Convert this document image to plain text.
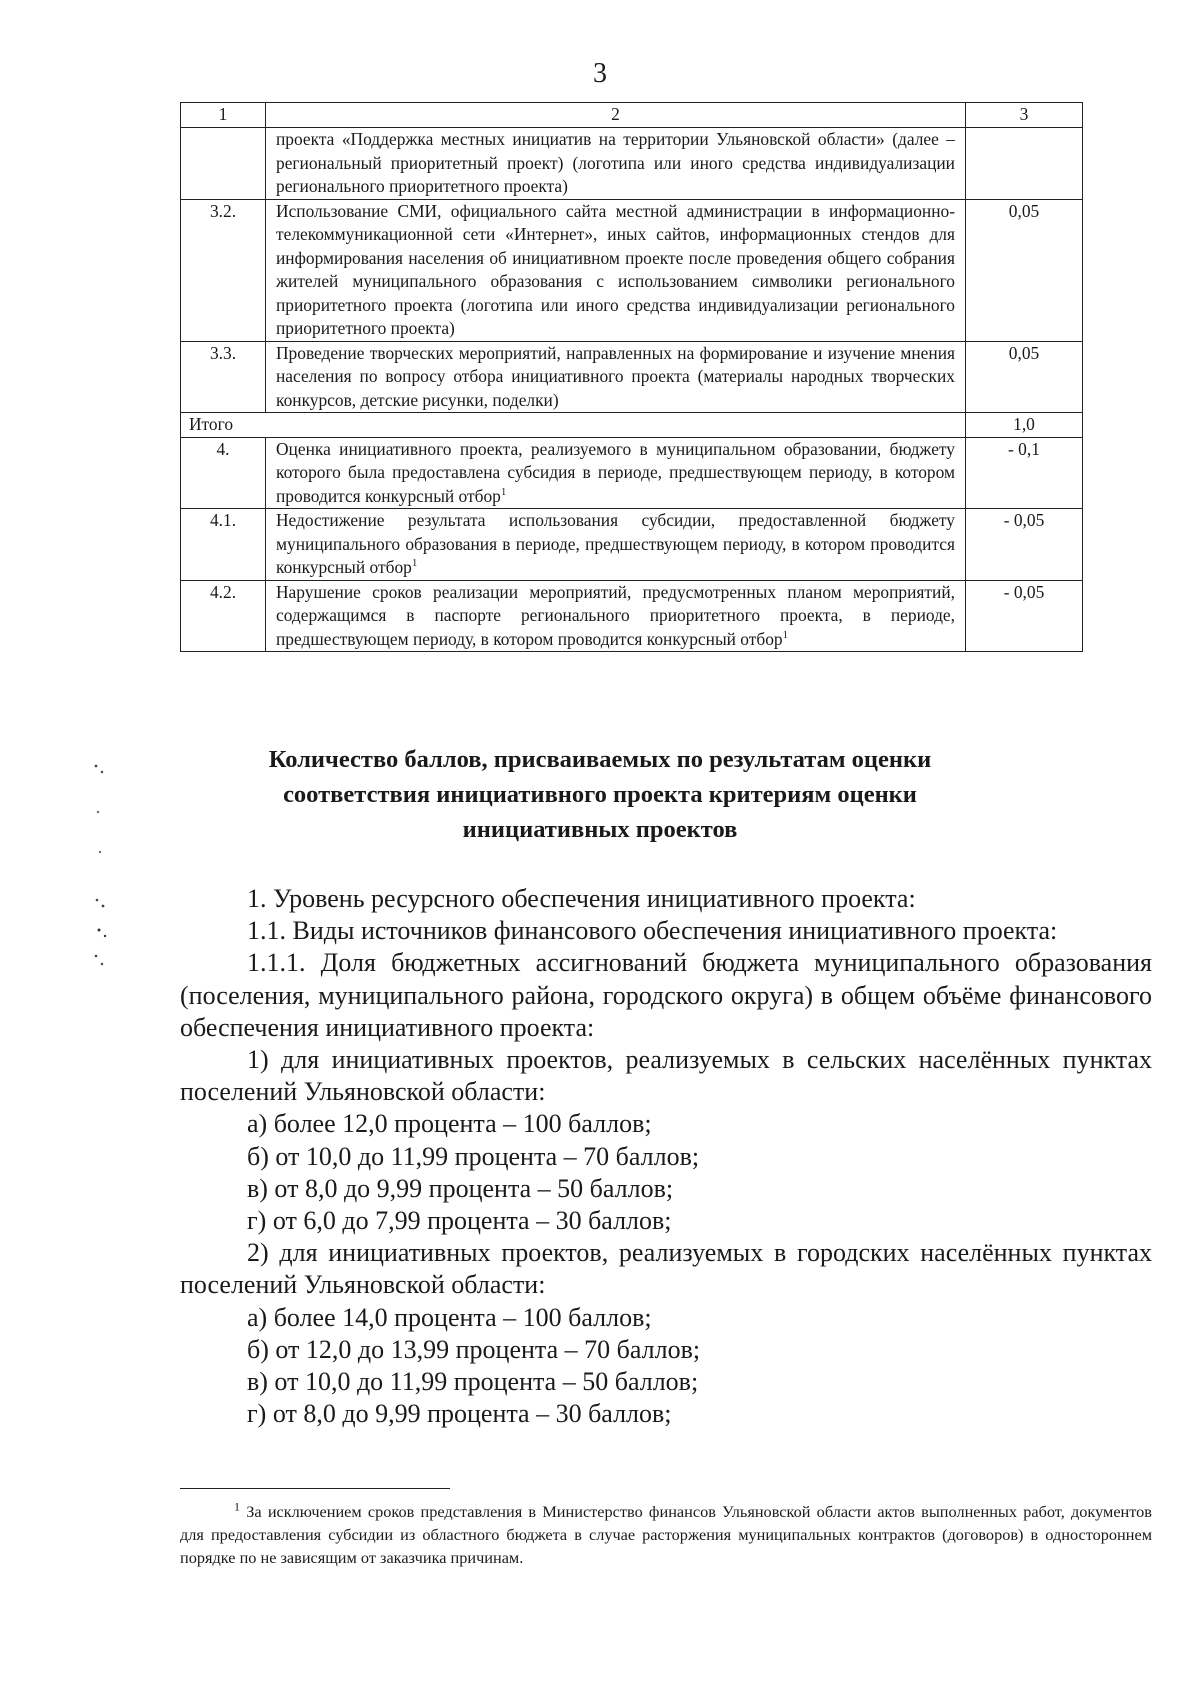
3
1	2	3
	проекта «Поддержка местных инициатив на территории Ульяновской области» (далее – региональный приоритетный проект) (логотипа или иного средства индивидуализации регионального приоритетного проекта)	
3.2.	Использование СМИ, официального сайта местной администрации в информационно-телекоммуникационной сети «Интернет», иных сайтов, информационных стендов для информирования населения об инициативном проекте после проведения общего собрания жителей муниципального образования с использованием символики регионального приоритетного проекта (логотипа или иного средства индивидуализации регионального приоритетного проекта)	0,05
3.3.	Проведение творческих мероприятий, направленных на формирование и изучение мнения населения по вопросу отбора инициативного проекта (материалы народных творческих конкурсов, детские рисунки, поделки)	0,05
Итого		1,0
4.	Оценка инициативного проекта, реализуемого в муниципальном образовании, бюджету которого была предоставлена субсидия в периоде, предшествующем периоду, в котором проводится конкурсный отбор$^1$	- 0,1
4.1.	Недостижение результата использования субсидии, предоставленной бюджету муниципального образования в периоде, предшествующем периоду, в котором проводится конкурсный отбор$^1$	- 0,05
4.2.	Нарушение сроков реализации мероприятий, предусмотренных планом мероприятий, содержащимся в паспорте регионального приоритетного проекта, в периоде, предшествующем периоду, в котором проводится конкурсный отбор$^1$	- 0,05
Количество баллов, присваиваемых по результатам оценки соответствия инициативного проекта критериям оценки инициативных проектов

1. Уровень ресурсного обеспечения инициативного проекта:

1.1. Виды источников финансового обеспечения инициативного проекта:

1.1.1. Доля бюджетных ассигнований бюджета муниципального образования (поселения, муниципального района, городского округа) в общем объёме финансового обеспечения инициативного проекта:

1) для инициативных проектов, реализуемых в сельских населённых пунктах поселений Ульяновской области:

а) более 12,0 процента – 100 баллов;

б) от 10,0 до 11,99 процента – 70 баллов;

в) от 8,0 до 9,99 процента – 50 баллов;

г) от 6,0 до 7,99 процента – 30 баллов;

2) для инициативных проектов, реализуемых в городских населённых пунктах поселений Ульяновской области:

а) более 14,0 процента – 100 баллов;

б) от 12,0 до 13,99 процента – 70 баллов;

в) от 10,0 до 11,99 процента – 50 баллов;

г) от 8,0 до 9,99 процента – 30 баллов;

$^1$ За исключением сроков представления в Министерство финансов Ульяновской области актов выполненных работ, документов для предоставления субсидии из областного бюджета в случае расторжения муниципальных контрактов (договоров) в одностороннем порядке по не зависящим от заказчика причинам.
